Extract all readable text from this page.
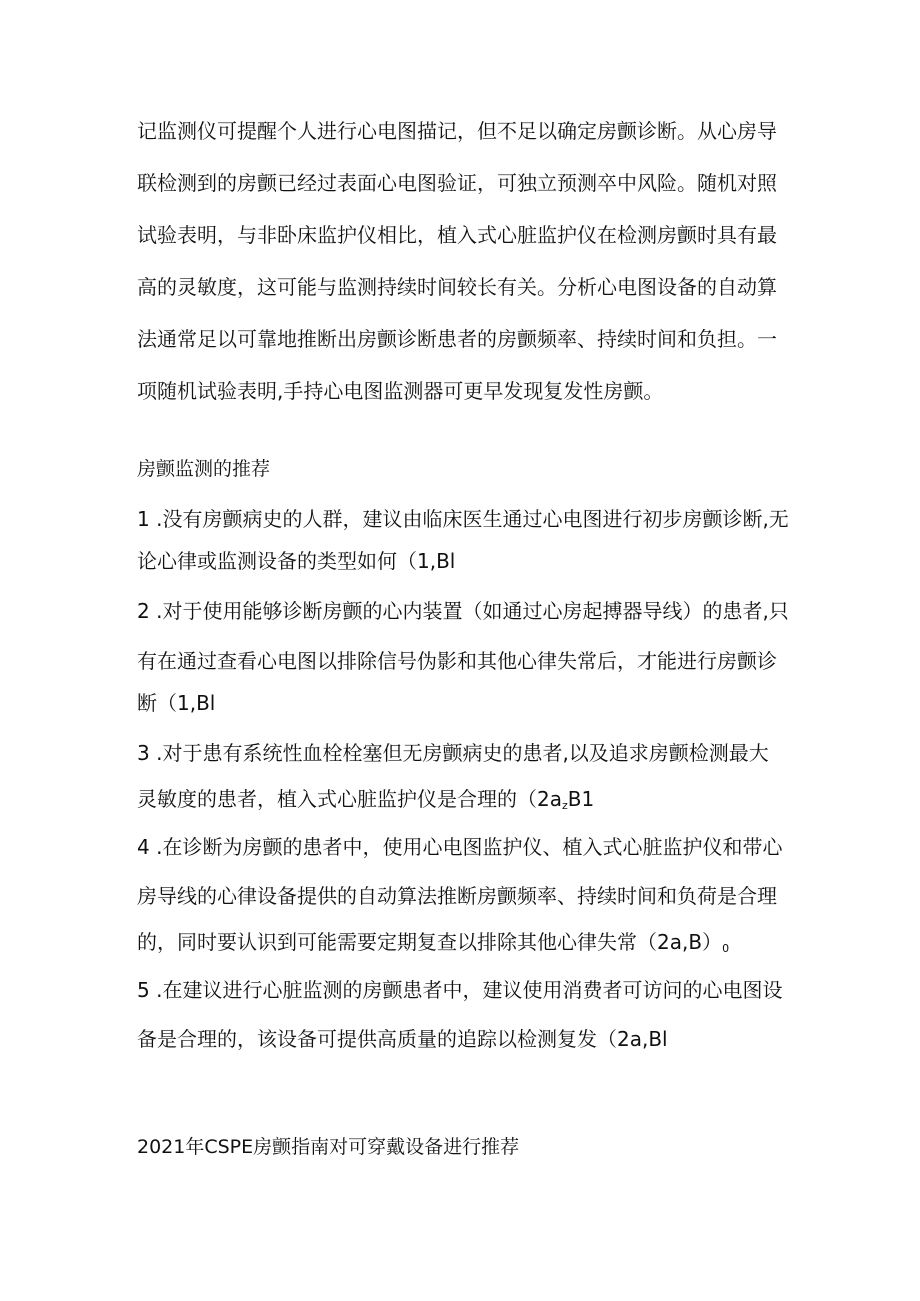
记监测仪可提醒个人进行心电图描记，但不足以确定房颤诊断。从心房导
联检测到的房颤已经过表面心电图验证，可独立预测卒中风险。随机对照
试验表明，与非卧床监护仪相比，植入式心脏监护仪在检测房颤时具有最
高的灵敏度，这可能与监测持续时间较长有关。分析心电图设备的自动算
法通常足以可靠地推断出房颤诊断患者的房颤频率、持续时间和负担。一
项随机试验表明,手持心电图监测器可更早发现复发性房颤。
房颤监测的推荐
1 .没有房颤病史的人群，建议由临床医生通过心电图进行初步房颤诊断,无
论心律或监测设备的类型如何（1,Bl
2 .对于使用能够诊断房颤的心内装置（如通过心房起搏器导线）的患者,只
有在通过查看心电图以排除信号伪影和其他心律失常后，才能进行房颤诊
断（1,Bl
3 .对于患有系统性血栓栓塞但无房颤病史的患者,以及追求房颤检测最大
灵敏度的患者，植入式心脏监护仪是合理的（$2a_zB1$
4 .在诊断为房颤的患者中，使用心电图监护仪、植入式心脏监护仪和带心
房导线的心律设备提供的自动算法推断房颤频率、持续时间和负荷是合理
的，同时要认识到可能需要定期复查以排除其他心律失常$(2a,B)_0$
5 .在建议进行心脏监测的房颤患者中，建议使用消费者可访问的心电图设
备是合理的，该设备可提供高质量的追踪以检测复发（2a,Bl
2021年CSPE房颤指南对可穿戴设备进行推荐
